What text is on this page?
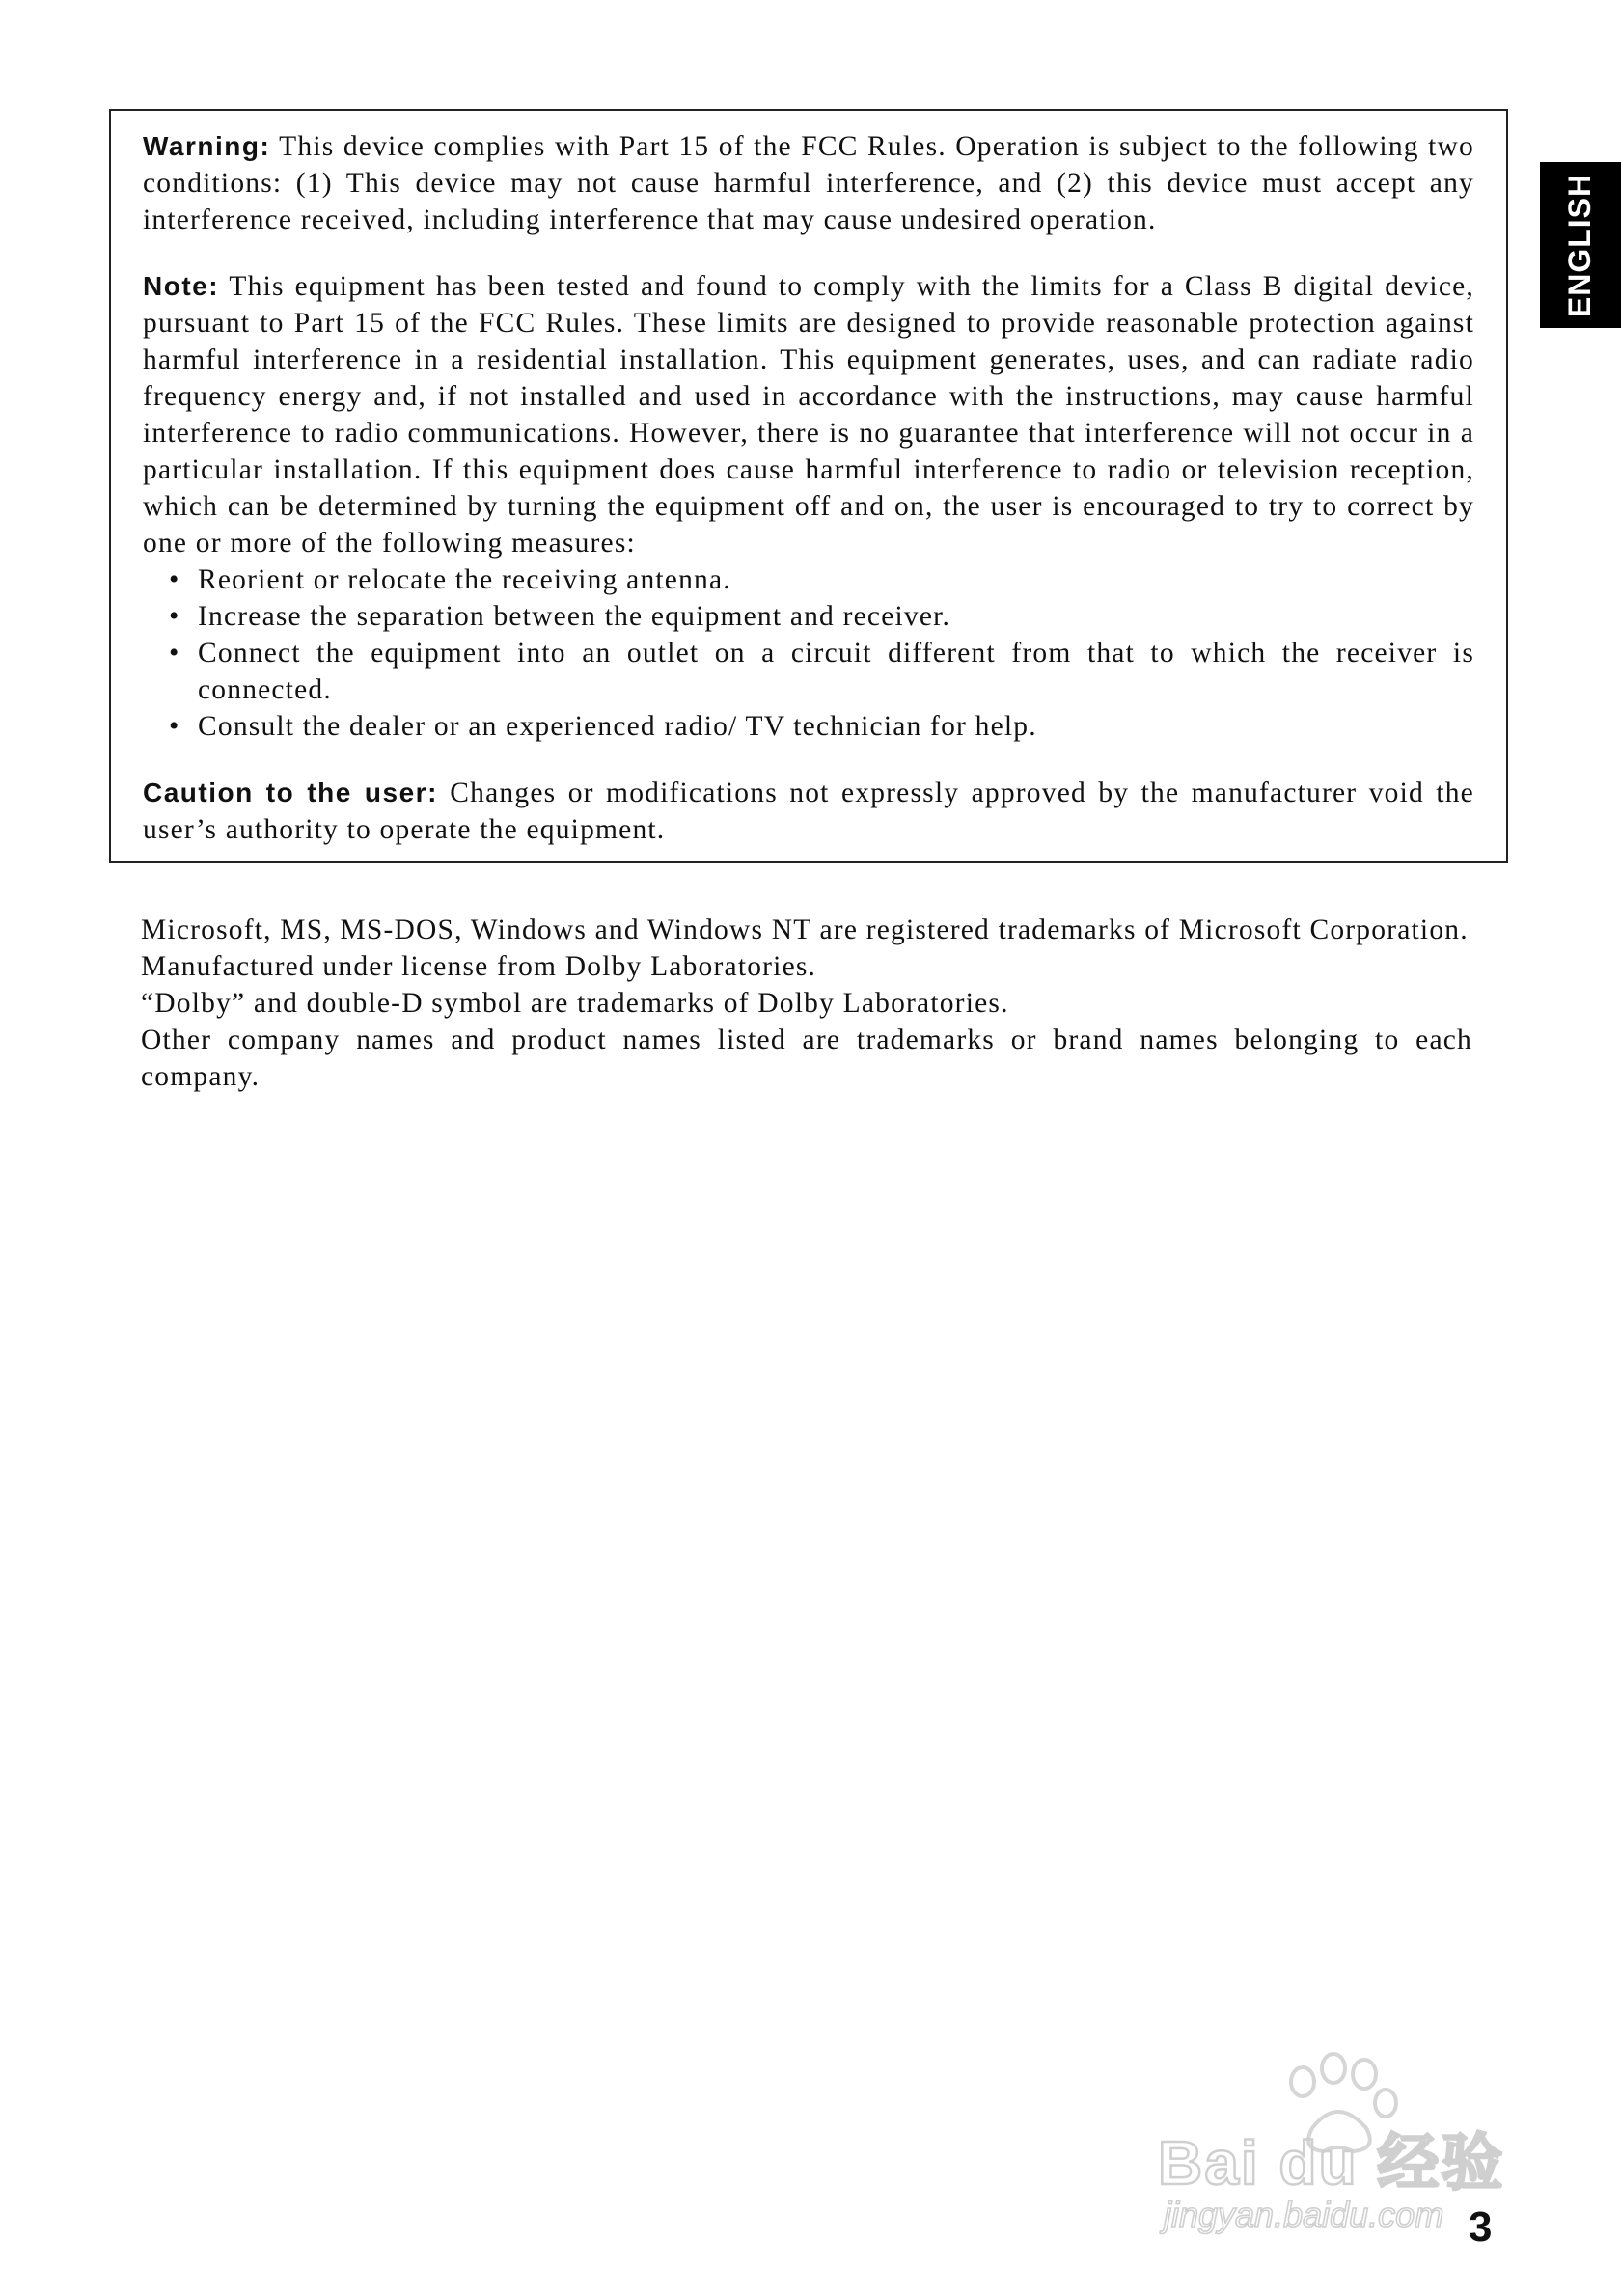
ENGLISH

Warning: This device complies with Part 15 of the FCC Rules. Operation is subject to the following two conditions: (1) This device may not cause harmful interference, and (2) this device must accept any interference received, including interference that may cause undesired operation.

Note: This equipment has been tested and found to comply with the limits for a Class B digital device, pursuant to Part 15 of the FCC Rules. These limits are designed to provide reasonable protection against harmful interference in a residential installation. This equipment generates, uses, and can radiate radio frequency energy and, if not installed and used in accordance with the instructions, may cause harmful interference to radio communications. However, there is no guarantee that interference will not occur in a particular installation. If this equipment does cause harmful interference to radio or television reception, which can be determined by turning the equipment off and on, the user is encouraged to try to correct by one or more of the following measures:
• Reorient or relocate the receiving antenna.
• Increase the separation between the equipment and receiver.
• Connect the equipment into an outlet on a circuit different from that to which the receiver is connected.
• Consult the dealer or an experienced radio/ TV technician for help.

Caution to the user: Changes or modifications not expressly approved by the manufacturer void the user’s authority to operate the equipment.

Microsoft, MS, MS-DOS, Windows and Windows NT are registered trademarks of Microsoft Corporation.

Manufactured under license from Dolby Laboratories.

“Dolby” and double-D symbol are trademarks of Dolby Laboratories.

Other company names and product names listed are trademarks or brand names belonging to each company.

Bai du 经验
jingyan.baidu.com 3
